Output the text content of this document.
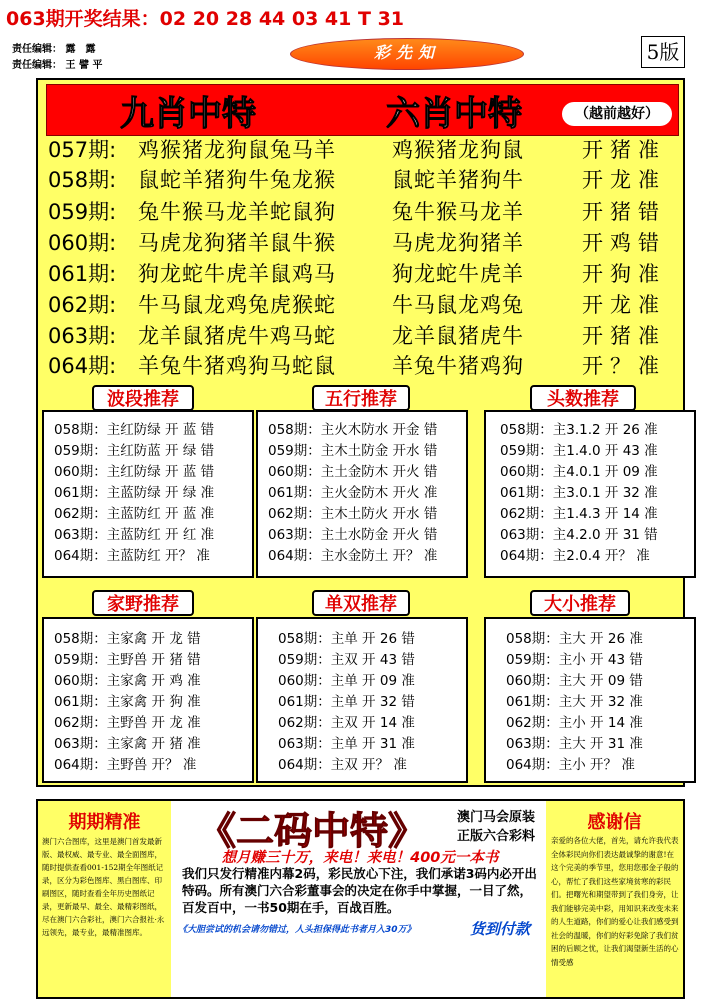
063期开奖结果：02 20 28 44 03 41 T 31
责任编辑： 露　露
责任编辑： 王 譬 平
彩先知	5版
九肖中特	六肖中特	（越前越好）
057期: 鸡猴猪龙狗鼠兔马羊	鸡猴猪龙狗鼠	开猪准
058期: 鼠蛇羊猪狗牛兔龙猴	鼠蛇羊猪狗牛	开龙准
059期: 兔牛猴马龙羊蛇鼠狗	兔牛猴马龙羊	开猪错
060期: 马虎龙狗猪羊鼠牛猴	马虎龙狗猪羊	开鸡错
061期: 狗龙蛇牛虎羊鼠鸡马	狗龙蛇牛虎羊	开狗准
062期: 牛马鼠龙鸡兔虎猴蛇	牛马鼠龙鸡兔	开龙准
063期: 龙羊鼠猪虎牛鸡马蛇	龙羊鼠猪虎牛	开猪准
064期: 羊兔牛猪鸡狗马蛇鼠	羊兔牛猪鸡狗	开？准
058期：主红防绿 开 蓝 错
059期：主红防蓝 开 绿 错
060期：主红防绿 开 蓝 错
061期：主蓝防绿 开 绿 准
062期：主蓝防红 开 蓝 准
063期：主蓝防红 开 红 准
064期：主蓝防红 开？ 准
波段推荐
058期：主火木防水 开金 错
059期：主木土防金 开水 错
060期：主土金防木 开火 错
061期：主火金防木 开火 准
062期：主木土防火 开水 错
063期：主土水防金 开火 错
064期：主水金防土 开？ 准
五行推荐
058期：主3.1.2 开 26 准
059期：主1.4.0 开 43 准
060期：主4.0.1 开 09 准
061期：主3.0.1 开 32 准
062期：主1.4.3 开 14 准
063期：主4.2.0 开 31 错
064期：主2.0.4 开？ 准
头数推荐
058期：主家禽 开 龙 错
059期：主野兽 开 猪 错
060期：主家禽 开 鸡 准
061期：主家禽 开 狗 准
062期：主野兽 开 龙 准
063期：主家禽 开 猪 准
064期：主野兽 开？ 准
家野推荐
058期：主单 开 26 错
059期：主双 开 43 错
060期：主单 开 09 准
061期：主单 开 32 错
062期：主双 开 14 准
063期：主单 开 31 准
064期：主双 开？ 准
单双推荐
058期：主大 开 26 准
059期：主小 开 43 错
060期：主大 开 09 错
061期：主大 开 32 准
062期：主小 开 14 准
063期：主大 开 31 准
064期：主小 开？ 准
大小推荐
期期精准
澳门六合图库，这里是澳门首发最新版、最权威、最专业、最全面图库，随时提供查看001-152期全年图纸记录，区分为彩色图库、黑白图库、印刷图区，随时查看全年历史图纸记录，更新最早、最全、最精彩图纸，尽在澳门六合彩社，澳门六合报社·永远领先，最专业，最精准图库。
《二码中特》	澳门马会原装
正版六合彩料
想月赚三十万，来电！来电！400元一本书

我们只发行精准内幕2码，彩民放心下注，我们承诺3码内必开出特码。所有澳门六合彩董事会的决定在你手中掌握，一目了然，百发百中，一书50期在手，百战百胜。

《大胆尝试的机会请勿错过，人头担保得此书者月入30万》	货到付款
感谢信
亲爱的各位大佬，首先，请允许我代表全体彩民向你们表达最诚挚的谢意!在这个完美的季节里，您用您那金子般的心，帮忙了我们这些家境贫寒的彩民们。把曙光和期望带到了我们身旁，让我们能够完美中彩，用知识来改变未来的人生道路，你们的爱心让我们感受到社会的温暖，你们的好彩免除了我们贫困的后顾之忧，让我们渴望新生活的心情受感
